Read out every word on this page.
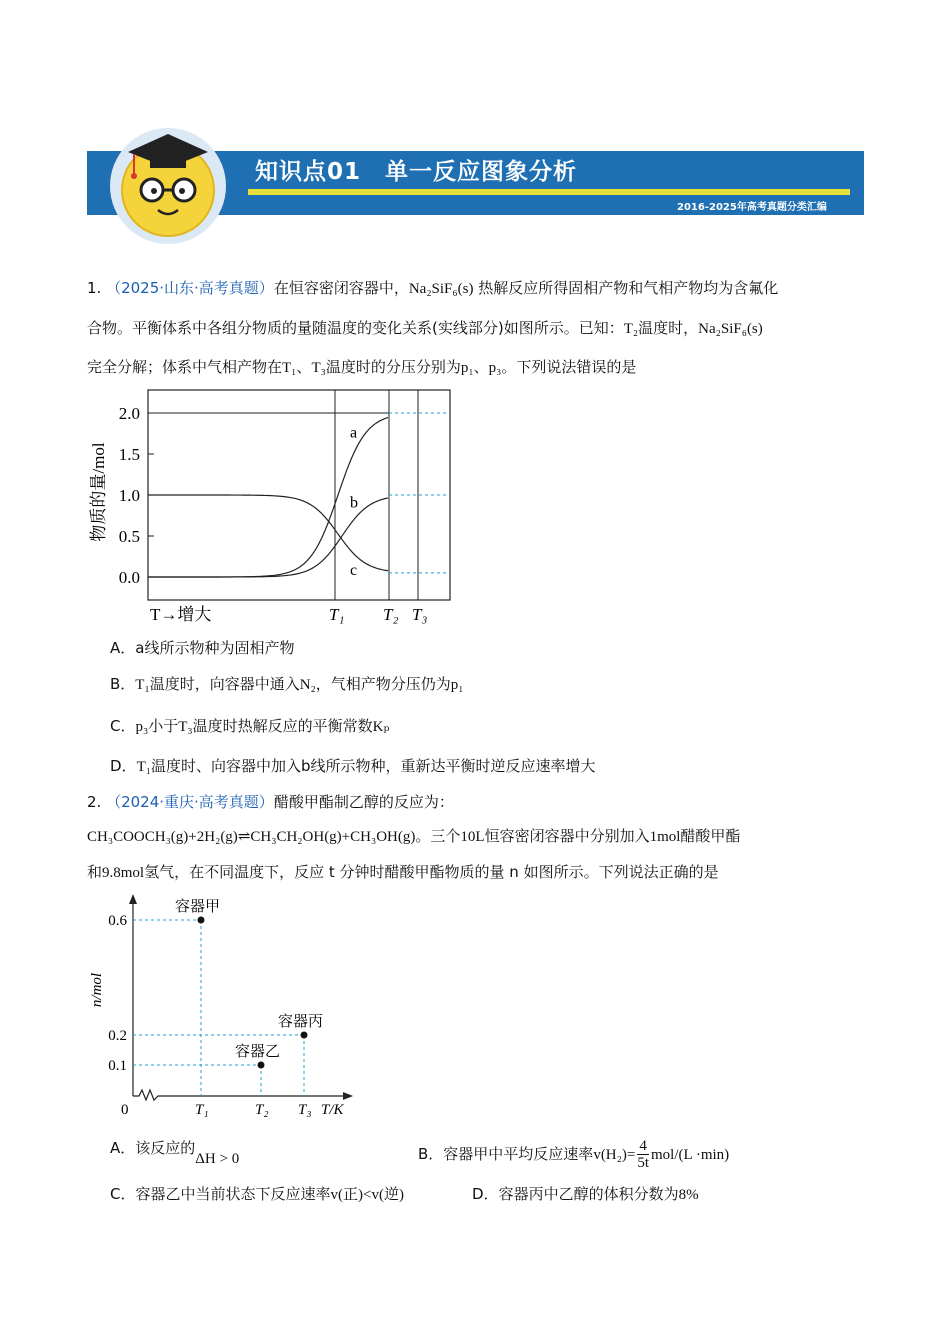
知识点01　单一反应图象分析
2016-2025年高考真题分类汇编
1. （2025·山东·高考真题）在恒容密闭容器中，Na₂SiF₆(s) 热解反应所得固相产物和气相产物均为含氟化
合物。平衡体系中各组分物质的量随温度的变化关系(实线部分)如图所示。已知：T₂温度时，Na₂SiF₆(s)
完全分解；体系中气相产物在T₁、T₃温度时的分压分别为p₁、p₃。下列说法错误的是
2.0
1.5
1.0
0.5
0.0
T₁ T₂ T₃
T→增大
物质的量/mol
a
b
c
A．a线所示物种为固相产物
B．T₁温度时，向容器中通入N₂，气相产物分压仍为p₁
C．p₃小于T₃温度时热解反应的平衡常数Kₚ
D．T₁温度时、向容器中加入b线所示物种，重新达平衡时逆反应速率增大
2. （2024·重庆·高考真题）醋酸甲酯制乙醇的反应为：
CH₃COOCH₃(g)+2H₂(g)⇌CH₃CH₂OH(g)+CH₃OH(g)。三个10L恒容密闭容器中分别加入1mol醋酸甲酯
和9.8mol氢气，在不同温度下，反应 t 分钟时醋酸甲酯物质的量 n 如图所示。下列说法正确的是
0	T/K
n/mol
0.6
0.2
0.1
T₁	T₂ T₃
容器甲
容器乙
容器丙
A．该反应的ΔH > 0	B．容器甲中平均反应速率$v(H_2)= \frac{4}{5t} mol/(L \cdot\min)$
C．容器乙中当前状态下反应速率v(正)<v(逆)	D．容器丙中乙醇的体积分数为8%
